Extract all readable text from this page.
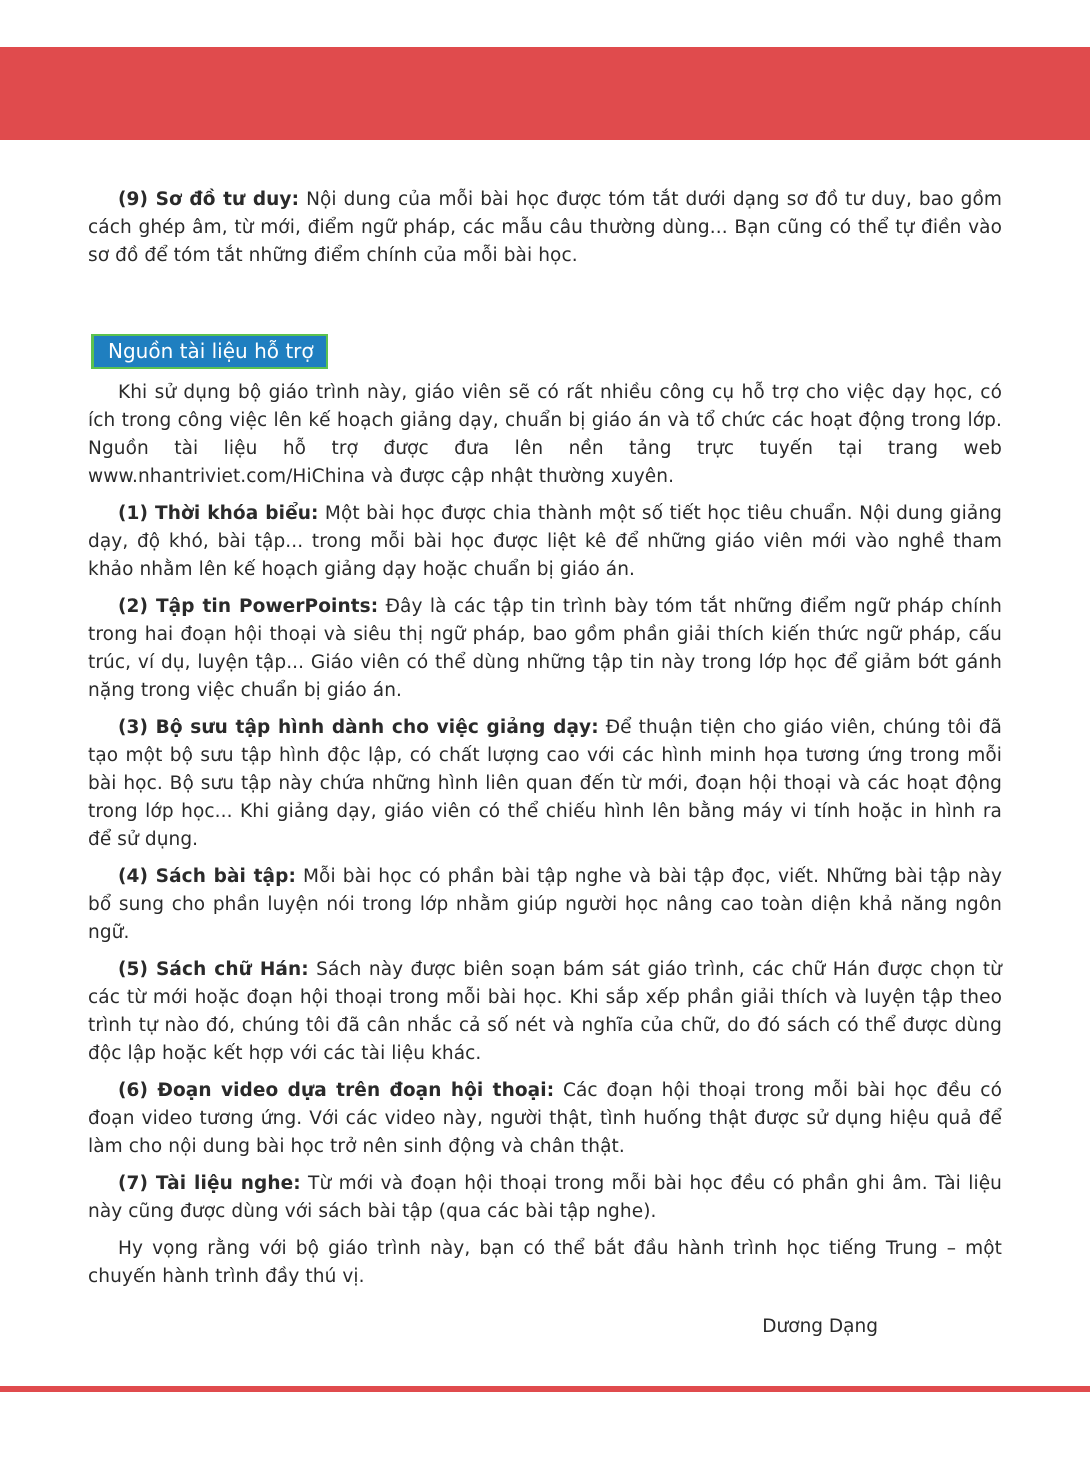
(9) Sơ đồ tư duy: Nội dung của mỗi bài học được tóm tắt dưới dạng sơ đồ tư duy, bao gồm cách ghép âm, từ mới, điểm ngữ pháp, các mẫu câu thường dùng... Bạn cũng có thể tự điền vào sơ đồ để tóm tắt những điểm chính của mỗi bài học.

Nguồn tài liệu hỗ trợ

Khi sử dụng bộ giáo trình này, giáo viên sẽ có rất nhiều công cụ hỗ trợ cho việc dạy học, có ích trong công việc lên kế hoạch giảng dạy, chuẩn bị giáo án và tổ chức các hoạt động trong lớp. Nguồn tài liệu hỗ trợ được đưa lên nền tảng trực tuyến tại trang web www.nhantriviet.com/HiChina và được cập nhật thường xuyên.

(1) Thời khóa biểu: Một bài học được chia thành một số tiết học tiêu chuẩn. Nội dung giảng dạy, độ khó, bài tập... trong mỗi bài học được liệt kê để những giáo viên mới vào nghề tham khảo nhằm lên kế hoạch giảng dạy hoặc chuẩn bị giáo án.

(2) Tập tin PowerPoints: Đây là các tập tin trình bày tóm tắt những điểm ngữ pháp chính trong hai đoạn hội thoại và siêu thị ngữ pháp, bao gồm phần giải thích kiến thức ngữ pháp, cấu trúc, ví dụ, luyện tập... Giáo viên có thể dùng những tập tin này trong lớp học để giảm bớt gánh nặng trong việc chuẩn bị giáo án.

(3) Bộ sưu tập hình dành cho việc giảng dạy: Để thuận tiện cho giáo viên, chúng tôi đã tạo một bộ sưu tập hình độc lập, có chất lượng cao với các hình minh họa tương ứng trong mỗi bài học. Bộ sưu tập này chứa những hình liên quan đến từ mới, đoạn hội thoại và các hoạt động trong lớp học... Khi giảng dạy, giáo viên có thể chiếu hình lên bằng máy vi tính hoặc in hình ra để sử dụng.

(4) Sách bài tập: Mỗi bài học có phần bài tập nghe và bài tập đọc, viết. Những bài tập này bổ sung cho phần luyện nói trong lớp nhằm giúp người học nâng cao toàn diện khả năng ngôn ngữ.

(5) Sách chữ Hán: Sách này được biên soạn bám sát giáo trình, các chữ Hán được chọn từ các từ mới hoặc đoạn hội thoại trong mỗi bài học. Khi sắp xếp phần giải thích và luyện tập theo trình tự nào đó, chúng tôi đã cân nhắc cả số nét và nghĩa của chữ, do đó sách có thể được dùng độc lập hoặc kết hợp với các tài liệu khác.

(6) Đoạn video dựa trên đoạn hội thoại: Các đoạn hội thoại trong mỗi bài học đều có đoạn video tương ứng. Với các video này, người thật, tình huống thật được sử dụng hiệu quả để làm cho nội dung bài học trở nên sinh động và chân thật.

(7) Tài liệu nghe: Từ mới và đoạn hội thoại trong mỗi bài học đều có phần ghi âm. Tài liệu này cũng được dùng với sách bài tập (qua các bài tập nghe).

Hy vọng rằng với bộ giáo trình này, bạn có thể bắt đầu hành trình học tiếng Trung – một chuyến hành trình đầy thú vị.

Dương Dạng
